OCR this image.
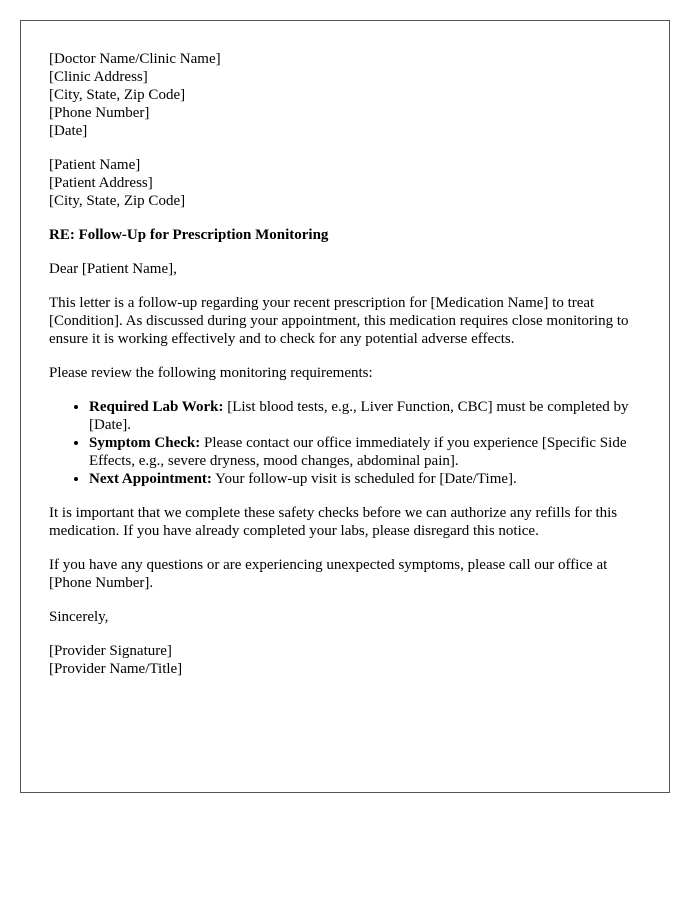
[Doctor Name/Clinic Name]
[Clinic Address]
[City, State, Zip Code]
[Phone Number]
[Date]
[Patient Name]
[Patient Address]
[City, State, Zip Code]

RE: Follow-Up for Prescription Monitoring

Dear [Patient Name],

This letter is a follow-up regarding your recent prescription for [Medication Name] to treat [Condition]. As discussed during your appointment, this medication requires close monitoring to ensure it is working effectively and to check for any potential adverse effects.

Please review the following monitoring requirements:

• Required Lab Work: [List blood tests, e.g., Liver Function, CBC] must be completed by [Date].
• Symptom Check: Please contact our office immediately if you experience [Specific Side Effects, e.g., severe dryness, mood changes, abdominal pain].
• Next Appointment: Your follow-up visit is scheduled for [Date/Time].

It is important that we complete these safety checks before we can authorize any refills for this medication. If you have already completed your labs, please disregard this notice.

If you have any questions or are experiencing unexpected symptoms, please call our office at [Phone Number].

Sincerely,

[Provider Signature]
[Provider Name/Title]
